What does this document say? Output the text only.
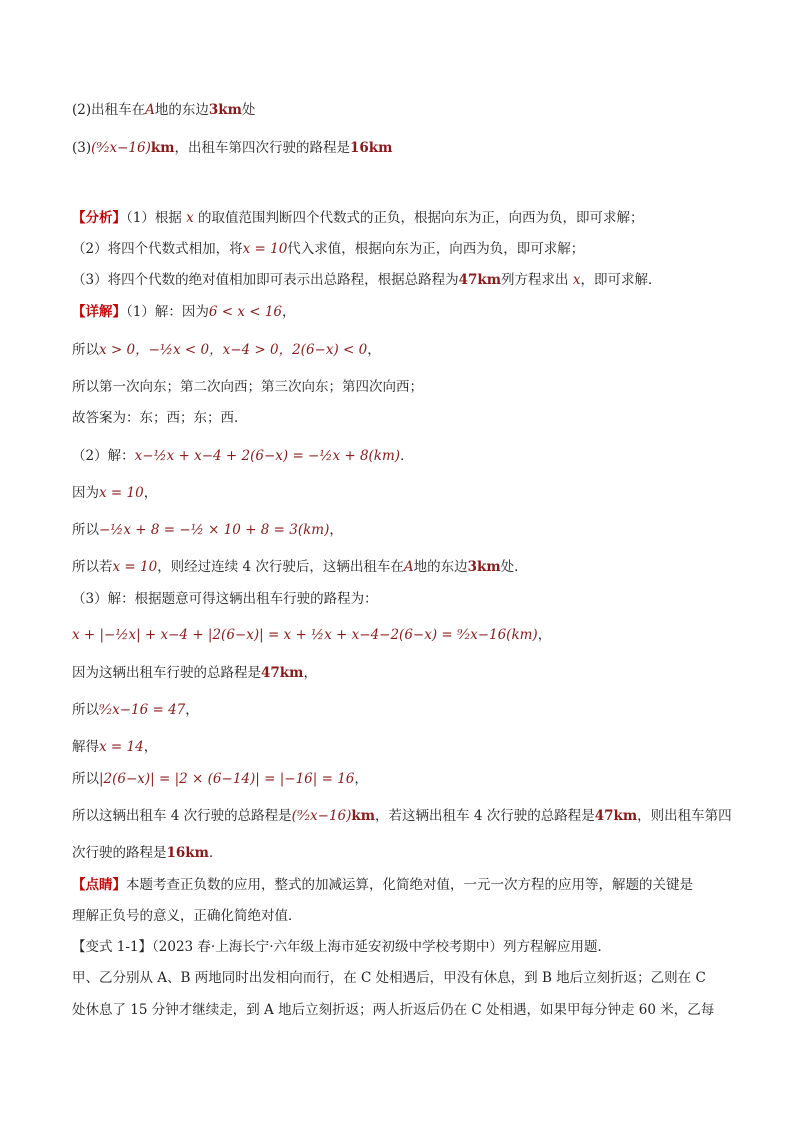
(2)出租车在A地的东边3km处
(3)(⁹⁄₂x−16)km，出租车第四次行驶的路程是16km
【分析】（1）根据 x 的取值范围判断四个代数式的正负，根据向东为正，向西为负，即可求解；
（2）将四个代数式相加，将x = 10代入求值，根据向东为正，向西为负，即可求解；
（3）将四个代数的绝对值相加即可表示出总路程，根据总路程为47km列方程求出 x，即可求解．
【详解】（1）解：因为6 < x < 16，
所以x > 0，−½x < 0，x−4 > 0，2(6−x) < 0，
所以第一次向东；第二次向西；第三次向东；第四次向西；
故答案为：东；西；东；西．
（2）解：x−½x + x−4 + 2(6−x) = −½x + 8(km)．
因为x = 10，
所以−½x + 8 = −½ × 10 + 8 = 3(km)，
所以若x = 10，则经过连续 4 次行驶后，这辆出租车在A地的东边3km处．
（3）解：根据题意可得这辆出租车行驶的路程为：
x + |−½x| + x−4 + |2(6−x)| = x + ½x + x−4−2(6−x) = ⁹⁄₂x−16(km)，
因为这辆出租车行驶的总路程是47km，
所以⁹⁄₂x−16 = 47，
解得x = 14，
所以|2(6−x)| = |2 × (6−14)| = |−16| = 16，
所以这辆出租车 4 次行驶的总路程是(⁹⁄₂x−16)km，若这辆出租车 4 次行驶的总路程是47km，则出租车第四
次行驶的路程是16km．
【点睛】本题考查正负数的应用，整式的加减运算，化简绝对值，一元一次方程的应用等，解题的关键是
理解正负号的意义，正确化简绝对值．
【变式 1-1】（2023 春·上海长宁·六年级上海市延安初级中学校考期中）列方程解应用题．
甲、乙分别从 A、B 两地同时出发相向而行，在 C 处相遇后，甲没有休息，到 B 地后立刻折返；乙则在 C
处休息了 15 分钟才继续走，到 A 地后立刻折返；两人折返后仍在 C 处相遇，如果甲每分钟走 60 米，乙每
